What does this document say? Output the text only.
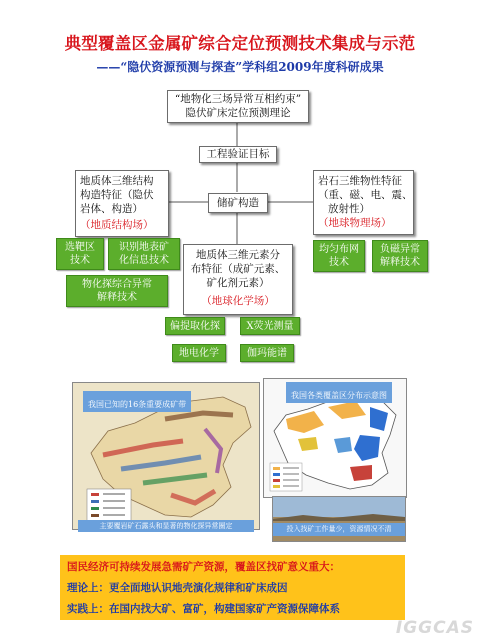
典型覆盖区金属矿综合定位预测技术集成与示范
——“隐伏资源预测与探查”学科组2009年度科研成果
“地物化三场异常互相约束”
隐伏矿床定位预测理论
工程验证目标
储矿构造
地质体三维结构
构造特征（隐伏
岩体、构造）
（地质结构场）
岩石三维物性特征
（重、磁、电、震、
放射性）
（地球物理场）
地质体三维元素分
布特征（成矿元素、
矿化剂元素）
（地球化学场）
选靶区
技术
识别地表矿
化信息技术
物化探综合异常
解释技术
均匀布网
技术
负磁异常
解释技术
偏提取化探	X荧光测量
地电化学	伽玛能谱
我国已知的16条重要成矿带
主要覆岩矿石露头和显著的物化探异常圈定
我国各类覆盖区分布示意图
投入找矿工作量少，资源情况不清
国民经济可持续发展急需矿产资源，覆盖区找矿意义重大：
理论上：更全面地认识地壳演化规律和矿床成因
实践上：在国内找大矿、富矿，构建国家矿产资源保障体系
IGGCAS
